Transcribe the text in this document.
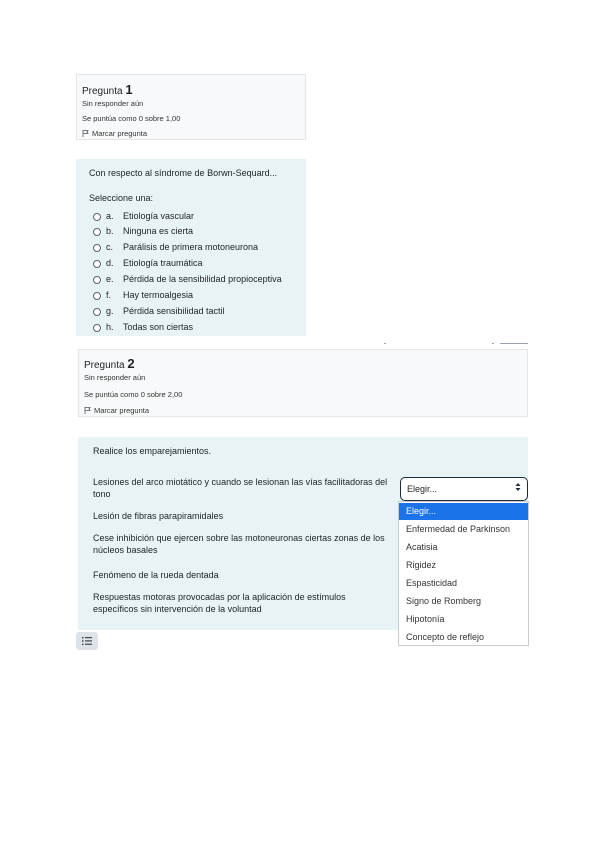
Pregunta 1
Sin responder aún
Se puntúa como 0 sobre 1,00
Marcar pregunta
Con respecto al síndrome de Borwn-Sequard...
Seleccione una:
a. Etiología vascular
b. Ninguna es cierta
c. Parálisis de primera motoneurona
d. Etiología traumática
e. Pérdida de la sensibilidad propioceptiva
f. Hay termoalgesia
g. Pérdida sensibilidad tactil
h. Todas son ciertas
Pregunta 2
Sin responder aún
Se puntúa como 0 sobre 2,00
Marcar pregunta
Realice los emparejamientos.
Lesiones del arco miotático y cuando se lesionan las vías facilitadoras del tono
Lesión de fibras parapiramidales
Cese inhibición que ejercen sobre las motoneuronas ciertas zonas de los núcleos basales
Fenómeno de la rueda dentada
Respuestas motoras provocadas por la aplicación de estímulos específicos sin intervención de la voluntad
Elegir...
Elegir...
Enfermedad de Parkinson
Acatisia
Rigidez
Espasticidad
Signo de Romberg
Hipotonía
Concepto de reflejo
